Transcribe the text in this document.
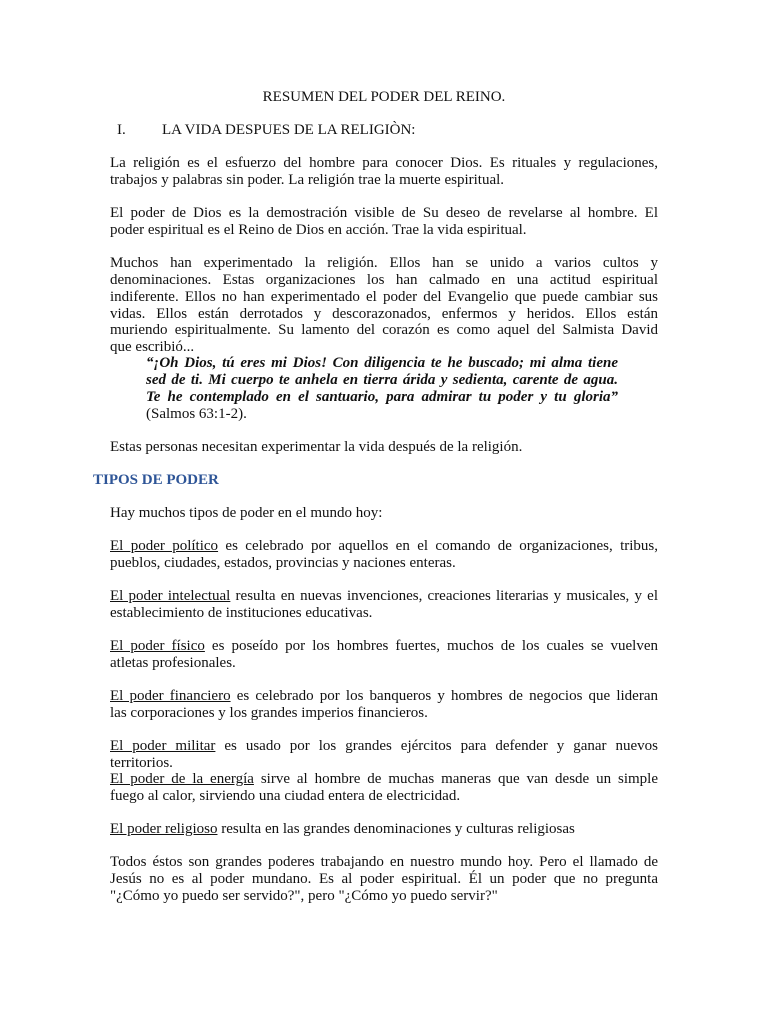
RESUMEN DEL PODER DEL REINO.
I.	LA VIDA DESPUES DE LA RELIGIÒN:
La religión es el esfuerzo del hombre para conocer Dios. Es rituales y regulaciones,
trabajos y palabras sin poder. La religión trae la muerte espiritual.
El poder de Dios es la demostración visible de Su deseo de revelarse al hombre. El
poder espiritual es el Reino de Dios en acción. Trae la vida espiritual.
Muchos han experimentado la religión. Ellos han se unido a varios cultos y
denominaciones. Estas organizaciones los han calmado en una actitud espiritual
indiferente. Ellos no han experimentado el poder del Evangelio que puede cambiar sus
vidas. Ellos están derrotados y descorazonados, enfermos y heridos. Ellos están
muriendo espiritualmente. Su lamento del corazón es como aquel del Salmista David
que escribió...
“¡Oh Dios, tú eres mi Dios! Con diligencia te he buscado; mi alma tiene
sed de ti. Mi cuerpo te anhela en tierra árida y sedienta, carente de agua.
Te he contemplado en el santuario, para admirar tu poder y tu gloria”
(Salmos 63:1-2).
Estas personas necesitan experimentar la vida después de la religión.
TIPOS DE PODER
Hay muchos tipos de poder en el mundo hoy:
El poder político es celebrado por aquellos en el comando de organizaciones, tribus,
pueblos, ciudades, estados, provincias y naciones enteras.
El poder intelectual resulta en nuevas invenciones, creaciones literarias y musicales, y el
establecimiento de instituciones educativas.
El poder físico es poseído por los hombres fuertes, muchos de los cuales se vuelven
atletas profesionales.
El poder financiero es celebrado por los banqueros y hombres de negocios que lideran
las corporaciones y los grandes imperios financieros.
El poder militar es usado por los grandes ejércitos para defender y ganar nuevos
territorios.
El poder de la energía sirve al hombre de muchas maneras que van desde un simple
fuego al calor, sirviendo una ciudad entera de electricidad.
El poder religioso resulta en las grandes denominaciones y culturas religiosas
Todos éstos son grandes poderes trabajando en nuestro mundo hoy. Pero el llamado de
Jesús no es al poder mundano. Es al poder espiritual. Él un poder que no pregunta
"¿Cómo yo puedo ser servido?", pero "¿Cómo yo puedo servir?"
